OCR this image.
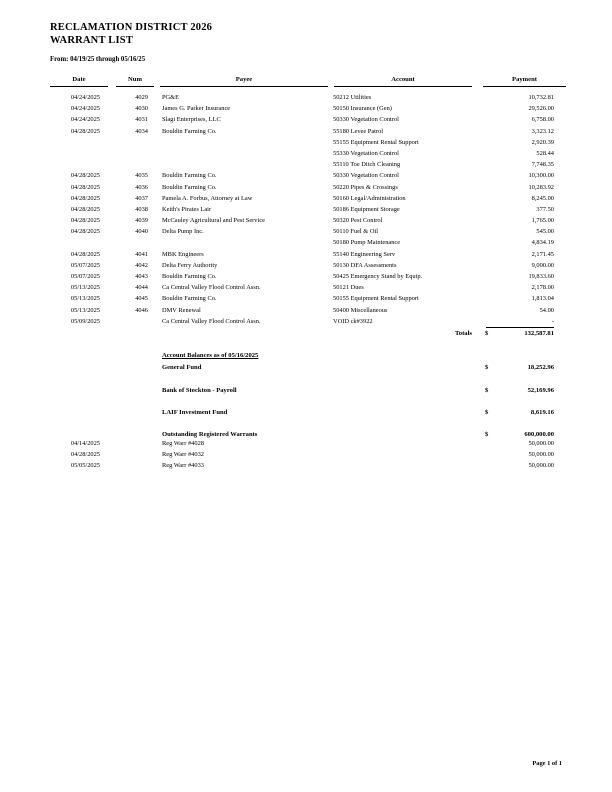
RECLAMATION DISTRICT 2026
WARRANT LIST
From: 04/19/25 through 05/16/25
Date	Num	Payee	Account	Payment
04/24/2025	4029 PG&E	50212 Utilities	10,732.81
04/24/2025	4030 James G. Parker Insurance	50150 Insurance (Gen)	29,526.00
04/24/2025	4031 Slagi Enterprises, LLC	50330 Vegetation Control	6,758.00
04/28/2025	4034 Bouldin Farming Co.	55180 Levee Patrol	3,323.12
55155 Equipment Rental Support	2,920.39
55330 Vegetation Control	528.44
55110 Toe Ditch Cleaning	7,748.35
04/28/2025	4035 Bouldin Farming Co.	50330 Vegetation Control	10,300.00
04/28/2025	4036 Bouldin Farming Co.	50220 Pipes & Crossings	10,283.92
04/28/2025	4037 Pamela A. Forbus, Attorney at Law	50160 Legal/Administration	8,245.00
04/28/2025	4038 Keith's Pirates Lair	50186 Equipment Storage	377.50
04/28/2025	4039 McCauley Agricultural and Pest Service	50320 Pest Control	1,765.00
04/28/2025	4040 Delta Pump Inc.	50110 Fuel & Oil	545.00
50180 Pump Maintenance	4,834.19
04/28/2025	4041 MBK Engineers	55140 Engineering Serv	2,171.45
05/07/2025	4042 Delta Ferry Authority	50130 DFA Assessments	9,000.00
05/07/2025	4043 Bouldin Farming Co.	50425 Emergency Stand by Equip.	19,833.60
05/13/2025	4044 Ca Central Valley Flood Control Assn.	50121 Dues	2,178.00
05/13/2025	4045 Bouldin Farming Co.	50155 Equipment Rental Support	1,813.04
05/13/2025	4046 DMV Renewal	50400 Miscellaneous	54.00
05/09/2025	Ca Central Valley Flood Control Assn.	VOID ck#3922	-
Totals $	132,587.81
Account Balances as of 05/16/2025
General Fund	$	18,252.96
Bank of Stockton - Payroll	$	52,169.96
LAIF Investment Fund	$	8,619.16
Outstanding Registered Warrants	$	600,000.00
04/14/2025	Reg Warr #4028	50,000.00
04/28/2025	Reg Warr #4032	50,000.00
05/05/2025	Reg Warr #4033	50,000.00
Page 1 of 1
